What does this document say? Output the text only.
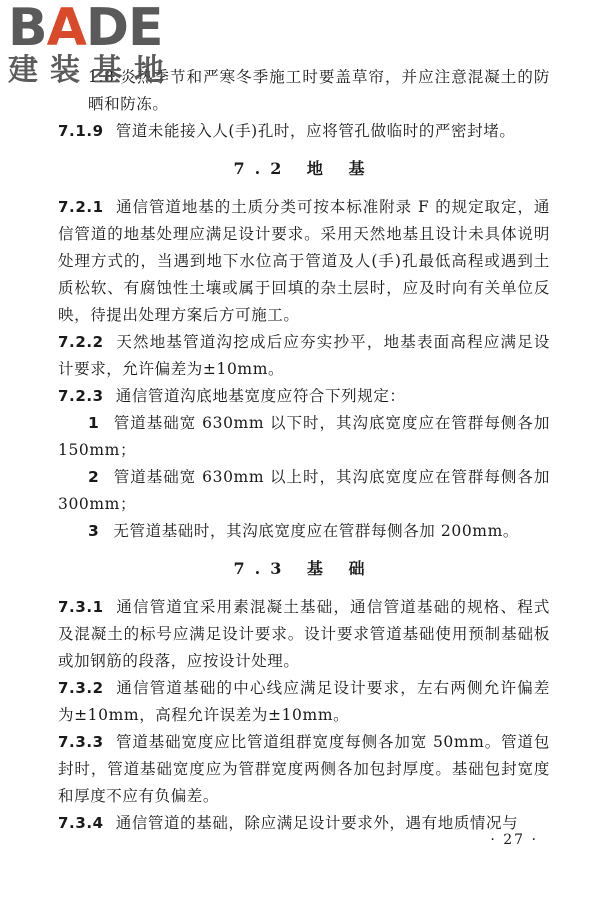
BADE
建装基地

1.8 炎热季节和严寒冬季施工时要盖草帘，并应注意混凝土的防晒和防冻。

7.1.9 管道未能接入人(手)孔时，应将管孔做临时的严密封堵。

7.2 地 基

7.2.1 通信管道地基的土质分类可按本标准附录 F 的规定取定，通信管道的地基处理应满足设计要求。采用天然地基且设计未具体说明处理方式的，当遇到地下水位高于管道及人(手)孔最低高程或遇到土质松软、有腐蚀性土壤或属于回填的杂土层时，应及时向有关单位反映，待提出处理方案后方可施工。

7.2.2 天然地基管道沟挖成后应夯实抄平，地基表面高程应满足设计要求，允许偏差为±10mm。

7.2.3 通信管道沟底地基宽度应符合下列规定：

1 管道基础宽 630mm 以下时，其沟底宽度应在管群每侧各加 150mm；

2 管道基础宽 630mm 以上时，其沟底宽度应在管群每侧各加 300mm；

3 无管道基础时，其沟底宽度应在管群每侧各加 200mm。

7.3 基 础

7.3.1 通信管道宜采用素混凝土基础，通信管道基础的规格、程式及混凝土的标号应满足设计要求。设计要求管道基础使用预制基础板或加钢筋的段落，应按设计处理。

7.3.2 通信管道基础的中心线应满足设计要求，左右两侧允许偏差为±10mm，高程允许误差为±10mm。

7.3.3 管道基础宽度应比管道组群宽度每侧各加宽 50mm。管道包封时，管道基础宽度应为管群宽度两侧各加包封厚度。基础包封宽度和厚度不应有负偏差。

7.3.4 通信管道的基础，除应满足设计要求外，遇有地质情况与

· 27 ·
